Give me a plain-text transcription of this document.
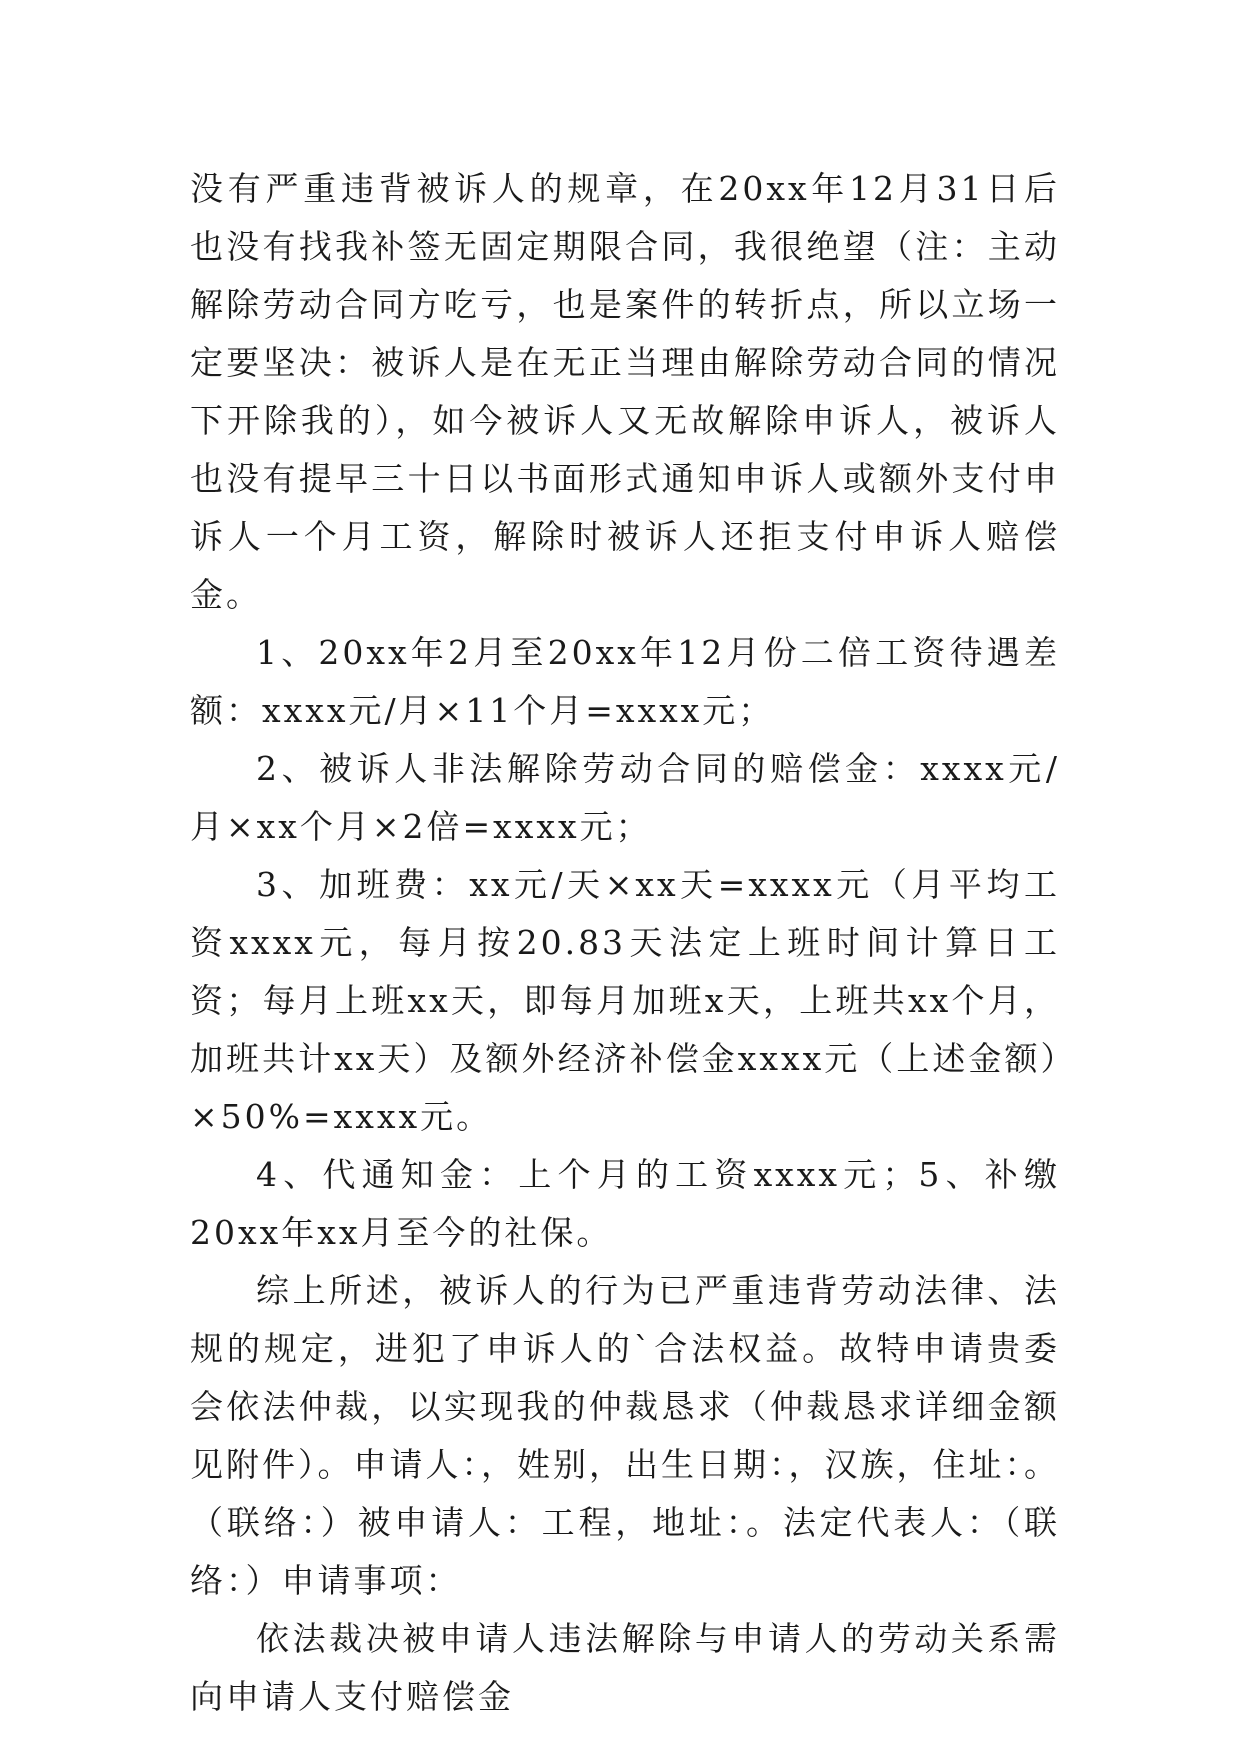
没有严重违背被诉人的规章，在20xx年12月31日后也没有找我补签无固定期限合同，我很绝望（注：主动解除劳动合同方吃亏，也是案件的转折点，所以立场一定要坚决：被诉人是在无正当理由解除劳动合同的情况下开除我的），如今被诉人又无故解除申诉人，被诉人也没有提早三十日以书面形式通知申诉人或额外支付申诉人一个月工资，解除时被诉人还拒支付申诉人赔偿金。

1、20xx年2月至20xx年12月份二倍工资待遇差额：xxxx元/月×11个月=xxxx元；

2、被诉人非法解除劳动合同的赔偿金：xxxx元/月×xx个月×2倍=xxxx元；

3、加班费：xx元/天×xx天=xxxx元（月平均工资xxxx元，每月按20.83天法定上班时间计算日工资；每月上班xx天，即每月加班x天，上班共xx个月，加班共计xx天）及额外经济补偿金xxxx元（上述金额）×50%=xxxx元。

4、代通知金：上个月的工资xxxx元；5、补缴20xx年xx月至今的社保。

综上所述，被诉人的行为已严重违背劳动法律、法规的规定，进犯了申诉人的`合法权益。故特申请贵委会依法仲裁，以实现我的仲裁恳求（仲裁恳求详细金额见附件）。申请人：，姓别，出生日期：，汉族，住址：。（联络：）被申请人：工程，地址：。法定代表人：（联络：）申请事项：

依法裁决被申请人违法解除与申请人的劳动关系需向申请人支付赔偿金
